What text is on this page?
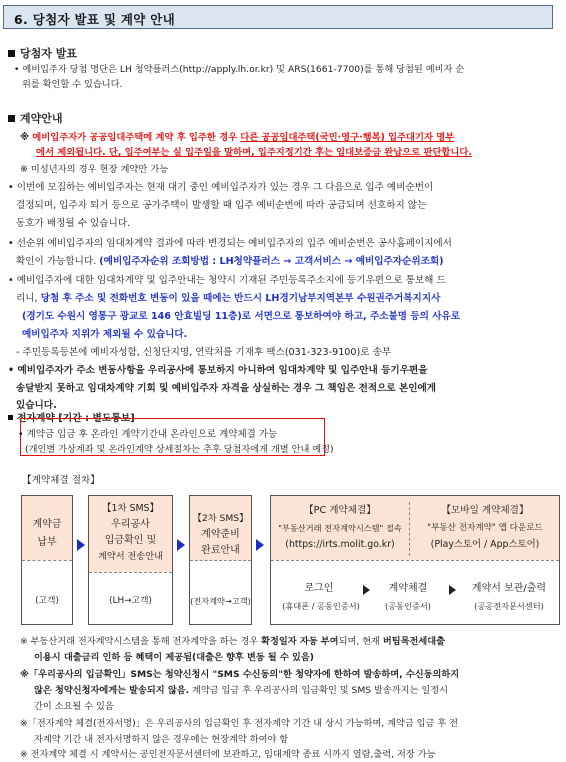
6. 당첨자 발표 및 계약 안내
당첨자 발표
• 예비입주자 당첨 명단은 LH 청약플러스(http://apply.lh.or.kr) 및 ARS(1661-7700)를 통해 당첨된 예비자 순
위를 확인할 수 있습니다.
계약안내
※ 예비입주자가 공공임대주택에 계약 후 입주한 경우 다른 공공임대주택(국민·영구·행복) 입주대기자 명부
에서 제외됩니다. 단, 입주여부는 실 입주일을 말하며, 입주지정기간 후는 임대보증금 완납으로 판단합니다.
※ 미성년자의 경우 현장 계약만 가능
• 이번에 모집하는 예비입주자는 현재 대기 중인 예비입주자가 있는 경우 그 다음으로 입주 예비순번이
결정되며, 입주자 퇴거 등으로 공가주택이 발생할 때 입주 예비순번에 따라 공급되며 선호하지 않는
동호가 배정될 수 있습니다.
• 선순위 예비입주자의 임대차계약 결과에 따라 변경되는 예비입주자의 입주 예비순번은 공사홈페이지에서
확인이 가능합니다. (예비입주자순위 조회방법 : LH청약플러스 → 고객서비스 → 예비입주자순위조회)
• 예비입주자에 대한 임대차계약 및 입주안내는 청약시 기재된 주민등록주소지에 등기우편으로 통보해 드
리니, 당첨 후 주소 및 전화번호 변동이 있을 때에는 반드시 LH경기남부지역본부 수원권주거복지지사
(경기도 수원시 영통구 광교로 146 안효빌딩 11층)로 서면으로 통보하여야 하고, 주소불명 등의 사유로
예비입주자 지위가 제외될 수 있습니다.
- 주민등록등본에 예비자성함, 신청단지명, 연락처를 기재후 팩스(031-323-9100)로 송부
• 예비입주자가 주소 변동사항을 우리공사에 통보하지 아니하여 임대차계약 및 입주안내 등기우편을
송달받지 못하고 임대차계약 기회 및 예비입주자 자격을 상실하는 경우 그 책임은 전적으로 본인에게
있습니다.
전자계약 [기간 : 별도통보]
• 계약금 입금 후 온라인 계약기간내 온라인으로 계약체결 가능
(개인별 가상계좌 및 온라인계약 상세절차는 추후 당첨자에게 개별 안내 예정)
【계약체결 절차】
계약금
납부
(고객)
【1차 SMS】
우리공사
입금확인 및
계약서 전송안내
(LH→고객)
【2차 SMS】
계약준비
완료안내
(전자계약→고객)
【PC 계약체결】
"부동산거래 전자계약시스템" 접속
(https://irts.molit.go.kr)
【모바일 계약체결】
"부동산 전자계약" 앱 다운로드
(Play스토어 / App스토어)
로그인
(휴대폰 / 공동인증서)
계약체결
(공동인증서)
계약서 보관/출력
(공공전자문서센터)
※ 부동산거래 전자계약시스템을 통해 전자계약을 하는 경우 확정일자 자동 부여되며, 현재 버팀목전세대출
이용시 대출금리 인하 등 혜택이 제공됨(대출은 향후 변동 될 수 있음)
※「우리공사의 입금확인」SMS는 청약신청시 "SMS 수신동의"한 청약자에 한하여 발송하며, 수신동의하지
않은 청약신청자에게는 발송되지 않음. 계약금 입금 후 우리공사의 입금확인 및 SMS 발송까지는 일정시
간이 소요될 수 있음
※「전자계약 체결(전자서명)」은 우리공사의 입금확인 후 전자계약 기간 내 상시 가능하며, 계약금 입금 후 전
자계약 기간 내 전자서명하지 않은 경우에는 현장계약 하여야 함
※ 전자계약 체결 시 계약서는 공인전자문서센터에 보관하고, 임대계약 종료 시까지 열람,출력, 저장 가능
